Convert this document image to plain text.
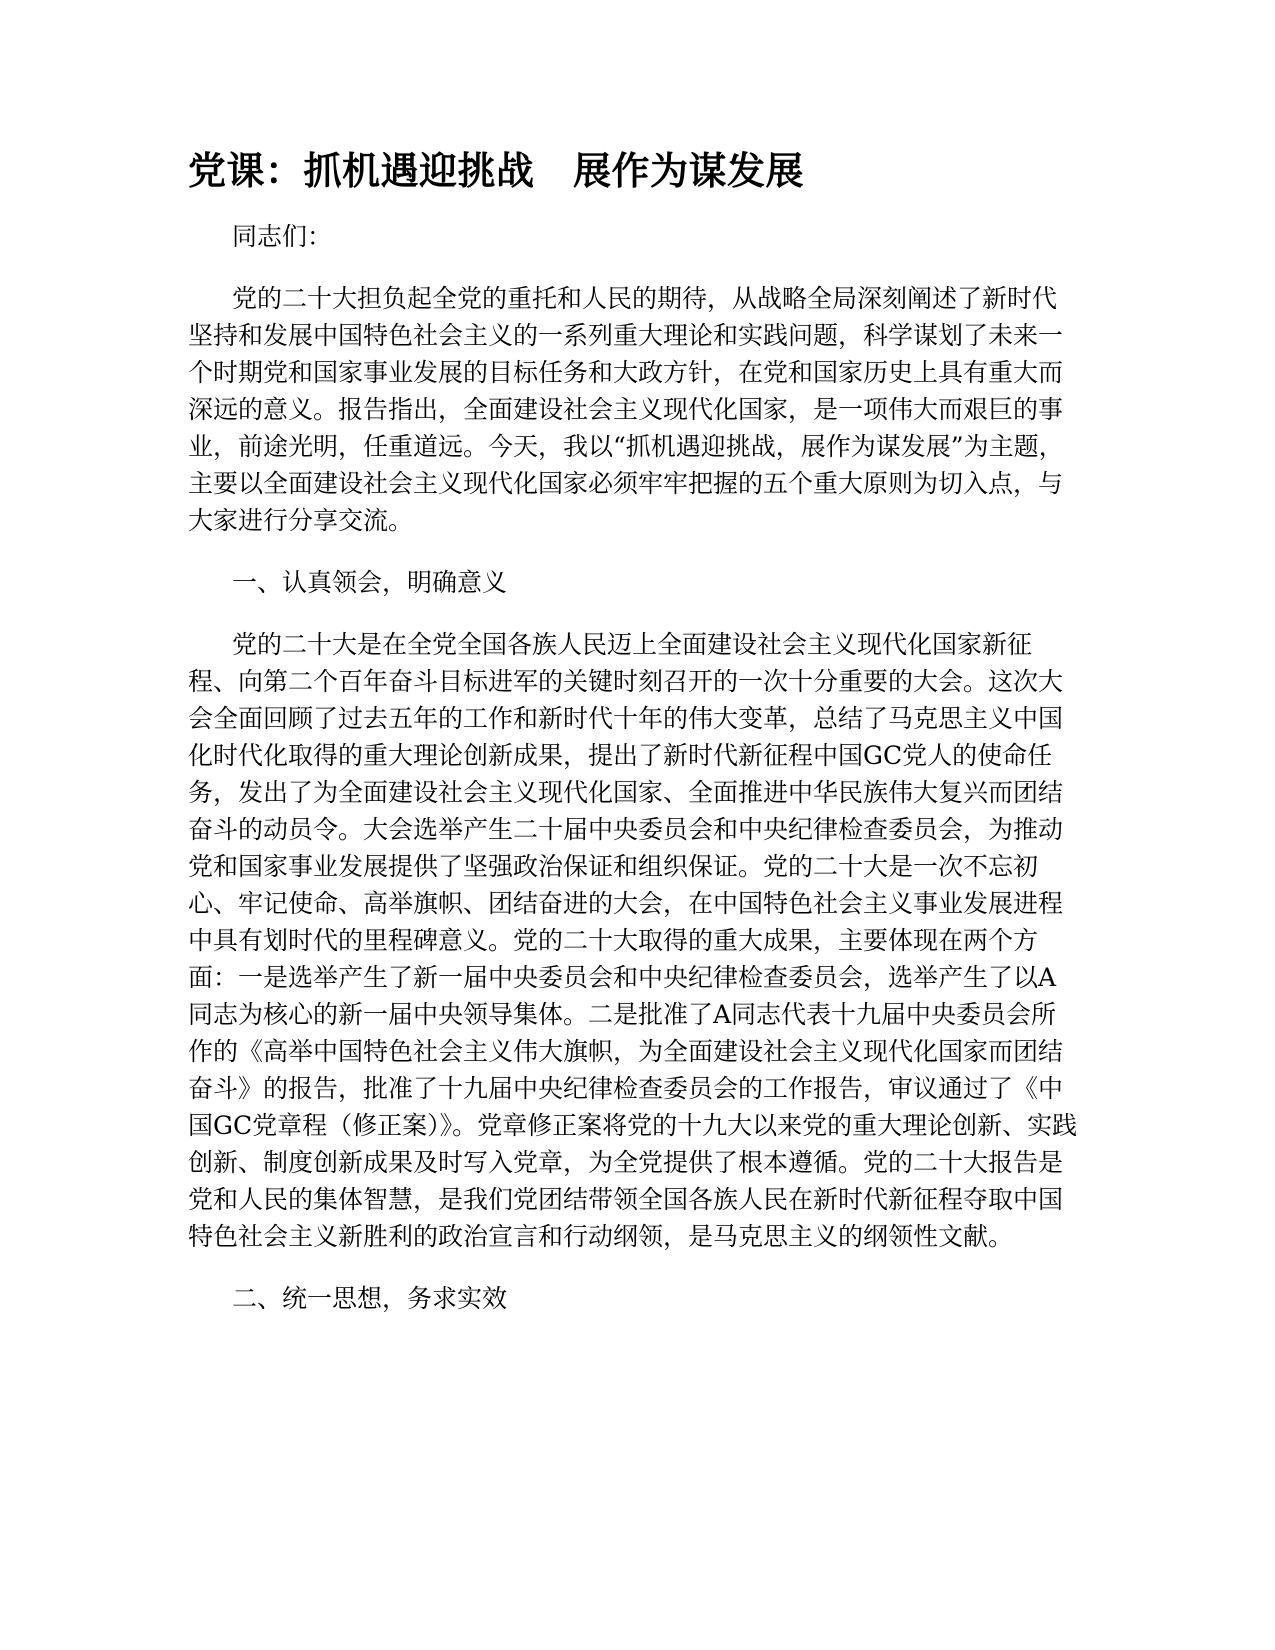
党课：抓机遇迎挑战　展作为谋发展

同志们：

党的二十大担负起全党的重托和人民的期待，从战略全局深刻阐述了新时代坚持和发展中国特色社会主义的一系列重大理论和实践问题，科学谋划了未来一个时期党和国家事业发展的目标任务和大政方针，在党和国家历史上具有重大而深远的意义。报告指出，全面建设社会主义现代化国家，是一项伟大而艰巨的事业，前途光明，任重道远。今天，我以“抓机遇迎挑战，展作为谋发展”为主题，主要以全面建设社会主义现代化国家必须牢牢把握的五个重大原则为切入点，与大家进行分享交流。

一、认真领会，明确意义

党的二十大是在全党全国各族人民迈上全面建设社会主义现代化国家新征程、向第二个百年奋斗目标进军的关键时刻召开的一次十分重要的大会。这次大会全面回顾了过去五年的工作和新时代十年的伟大变革，总结了马克思主义中国化时代化取得的重大理论创新成果，提出了新时代新征程中国GC党人的使命任务，发出了为全面建设社会主义现代化国家、全面推进中华民族伟大复兴而团结奋斗的动员令。大会选举产生二十届中央委员会和中央纪律检查委员会，为推动党和国家事业发展提供了坚强政治保证和组织保证。党的二十大是一次不忘初心、牢记使命、高举旗帜、团结奋进的大会，在中国特色社会主义事业发展进程中具有划时代的里程碑意义。党的二十大取得的重大成果，主要体现在两个方面：一是选举产生了新一届中央委员会和中央纪律检查委员会，选举产生了以A同志为核心的新一届中央领导集体。二是批准了A同志代表十九届中央委员会所作的《高举中国特色社会主义伟大旗帜，为全面建设社会主义现代化国家而团结奋斗》的报告，批准了十九届中央纪律检查委员会的工作报告，审议通过了《中国GC党章程（修正案）》。党章修正案将党的十九大以来党的重大理论创新、实践创新、制度创新成果及时写入党章，为全党提供了根本遵循。党的二十大报告是党和人民的集体智慧，是我们党团结带领全国各族人民在新时代新征程夺取中国特色社会主义新胜利的政治宣言和行动纲领，是马克思主义的纲领性文献。

二、统一思想，务求实效
